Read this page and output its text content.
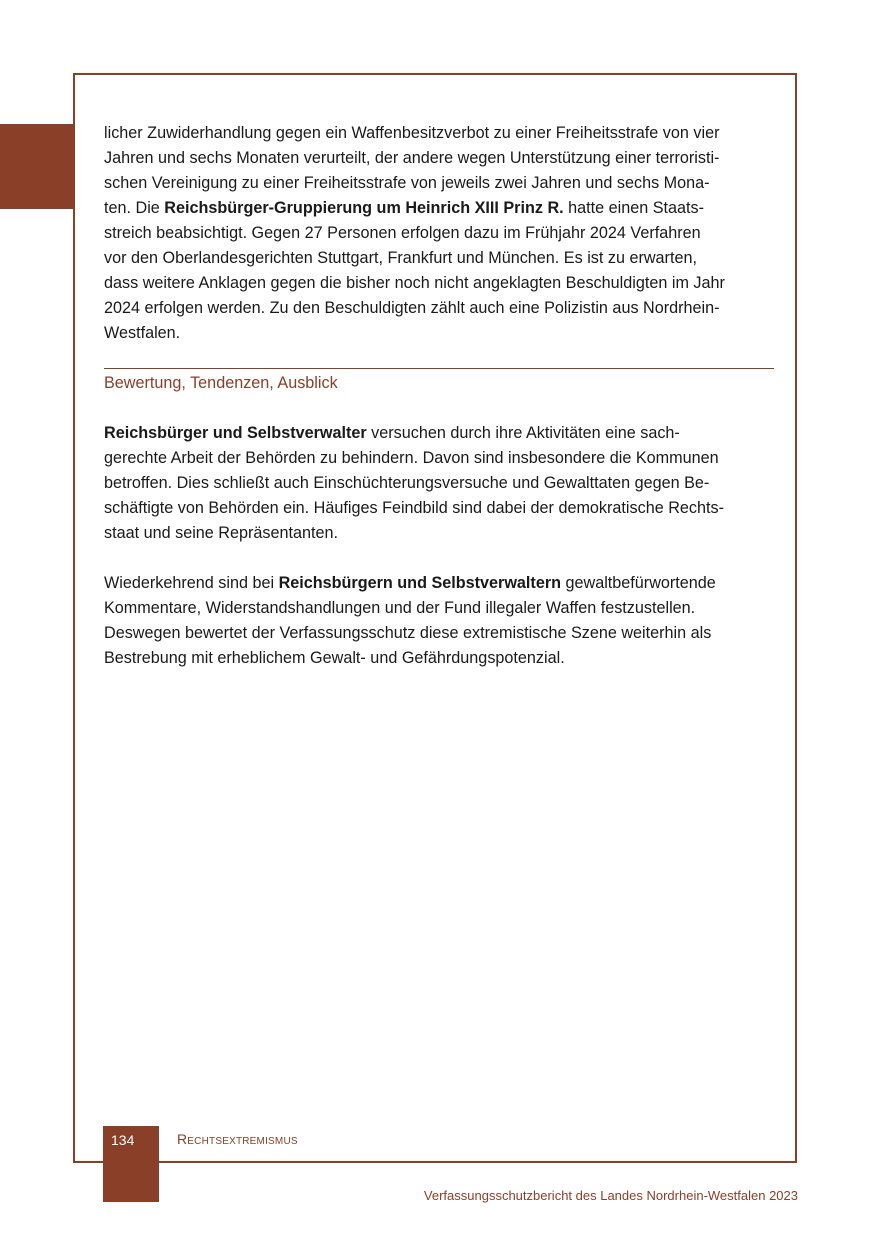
licher Zuwiderhandlung gegen ein Waffenbesitzverbot zu einer Freiheitsstrafe von vier
Jahren und sechs Monaten verurteilt, der andere wegen Unterstützung einer terroristi-
schen Vereinigung zu einer Freiheitsstrafe von jeweils zwei Jahren und sechs Mona-
ten. Die Reichsbürger-Gruppierung um Heinrich XIII Prinz R. hatte einen Staats-
streich beabsichtigt. Gegen 27 Personen erfolgen dazu im Frühjahr 2024 Verfahren
vor den Oberlandesgerichten Stuttgart, Frankfurt und München. Es ist zu erwarten,
dass weitere Anklagen gegen die bisher noch nicht angeklagten Beschuldigten im Jahr
2024 erfolgen werden. Zu den Beschuldigten zählt auch eine Polizistin aus Nordrhein-
Westfalen.

Bewertung, Tendenzen, Ausblick

Reichsbürger und Selbstverwalter versuchen durch ihre Aktivitäten eine sach-
gerechte Arbeit der Behörden zu behindern. Davon sind insbesondere die Kommunen
betroffen. Dies schließt auch Einschüchterungsversuche und Gewalttaten gegen Be-
schäftigte von Behörden ein. Häufiges Feindbild sind dabei der demokratische Rechts-
staat und seine Repräsentanten.

Wiederkehrend sind bei Reichsbürgern und Selbstverwaltern gewaltbefürwortende
Kommentare, Widerstandshandlungen und der Fund illegaler Waffen festzustellen.
Deswegen bewertet der Verfassungsschutz diese extremistische Szene weiterhin als
Bestrebung mit erheblichem Gewalt- und Gefährdungspotenzial.

134	Rechtsextremismus
Verfassungsschutzbericht des Landes Nordrhein-Westfalen 2023
